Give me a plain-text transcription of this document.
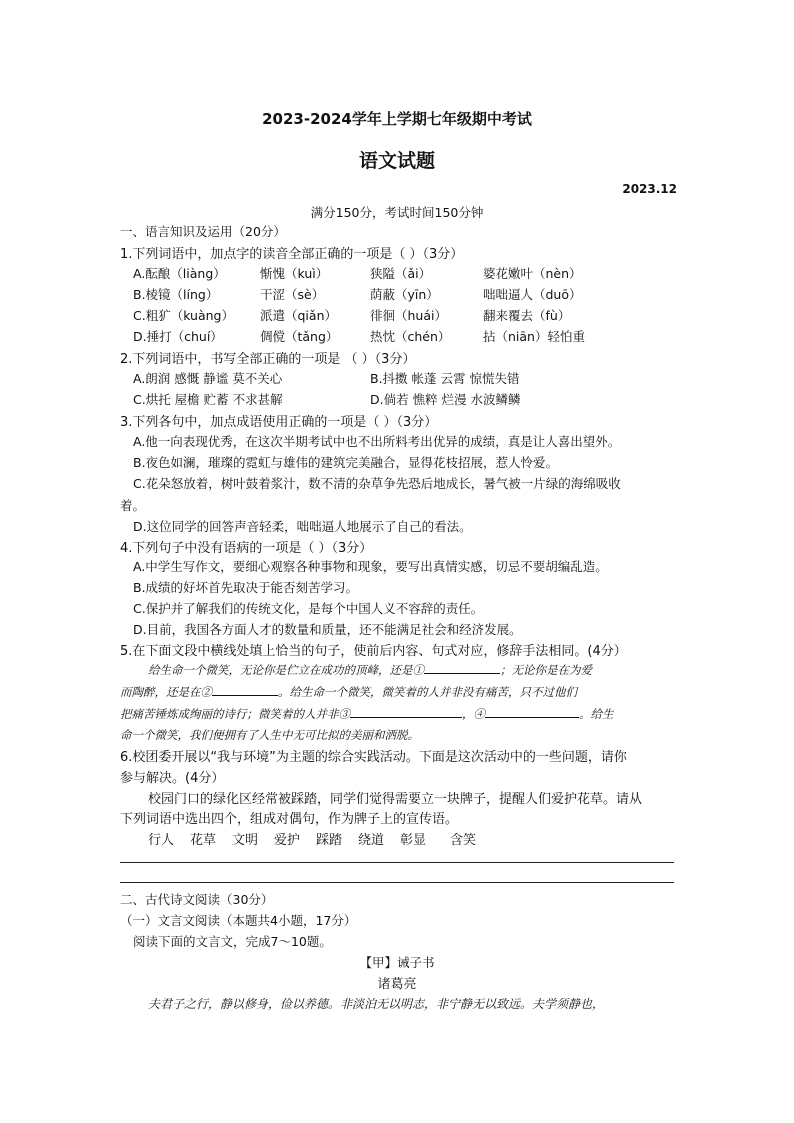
2023-2024学年上学期七年级期中考试
语文试题
2023.12
满分150分，考试时间150分钟
一、语言知识及运用（20分）
1.下列词语中，加点字的读音全部正确的一项是（ ）（3分）
A.酝酿（liàng）	惭愧（kuì）	狭隘（ǎi）	婆花嫩叶（nèn）
B.棱镜（líng）	干涩（sè）	荫蔽（yīn）	咄咄逼人（duō）
C.粗犷（kuàng） 派遣（qiǎn）	徘徊（huái）	翻来覆去（fù）
D.捶打（chuí）	倜傥（tǎng）	热忱（chén）	拈（niān）轻怕重
2.下列词语中，书写全部正确的一项是 （ ）（3分）
A.朗润 感慨 静谧 莫不关心	B.抖擞 帐蓬 云霄 惊慌失错
C.烘托 屋檐 贮蓄 不求甚解	D.倘若 憔粹 烂漫 水波鳞鳞
3.下列各句中，加点成语使用正确的一项是（ ）（3分）
A.他一向表现优秀，在这次半期考试中也不出所料考出优异的成绩，真是让人喜出望外。
B.夜色如澜，璀璨的霓虹与雄伟的建筑完美融合，显得花枝招展，惹人怜爱。
C.花朵怒放着，树叶鼓着浆汁，数不清的杂草争先恐后地成长，暑气被一片绿的海绵吸收
着。
D.这位同学的回答声音轻柔，咄咄逼人地展示了自己的看法。
4.下列句子中没有语病的一项是（ ）（3分）
A.中学生写作文，要细心观察各种事物和现象，要写出真情实感，切忌不要胡编乱造。
B.成绩的好坏首先取决于能否刻苦学习。
C.保护并了解我们的传统文化，是每个中国人义不容辞的责任。
D.目前，我国各方面人才的数量和质量，还不能满足社会和经济发展。
5.在下面文段中横线处填上恰当的句子，使前后内容、句式对应，修辞手法相同。(4分）
给生命一个微笑，无论你是伫立在成功的顶峰，还是①	；无论你是在为爱
而陶醉，还是在②	。给生命一个微笑，微笑着的人并非没有痛苦，只不过他们
把痛苦锤炼成绚丽的诗行；微笑着的人并非③	，④	。给生
命一个微笑，我们便拥有了人生中无可比拟的美丽和洒脱。
6.校团委开展以“我与环境”为主题的综合实践活动。下面是这次活动中的一些问题，请你
参与解决。(4分）
校园门口的绿化区经常被踩踏，同学们觉得需要立一块牌子，提醒人们爱护花草。请从
下列词语中选出四个，组成对偶句，作为牌子上的宣传语。
行人 花草 文明 爱护 踩踏 绕道 彰显 含笑
二、古代诗文阅读（30分）
（一）文言文阅读（本题共4小题，17分）
阅读下面的文言文，完成7～10题。
【甲】诫子书
诸葛亮
夫君子之行，静以修身，俭以养德。非淡泊无以明志，非宁静无以致远。夫学须静也，
